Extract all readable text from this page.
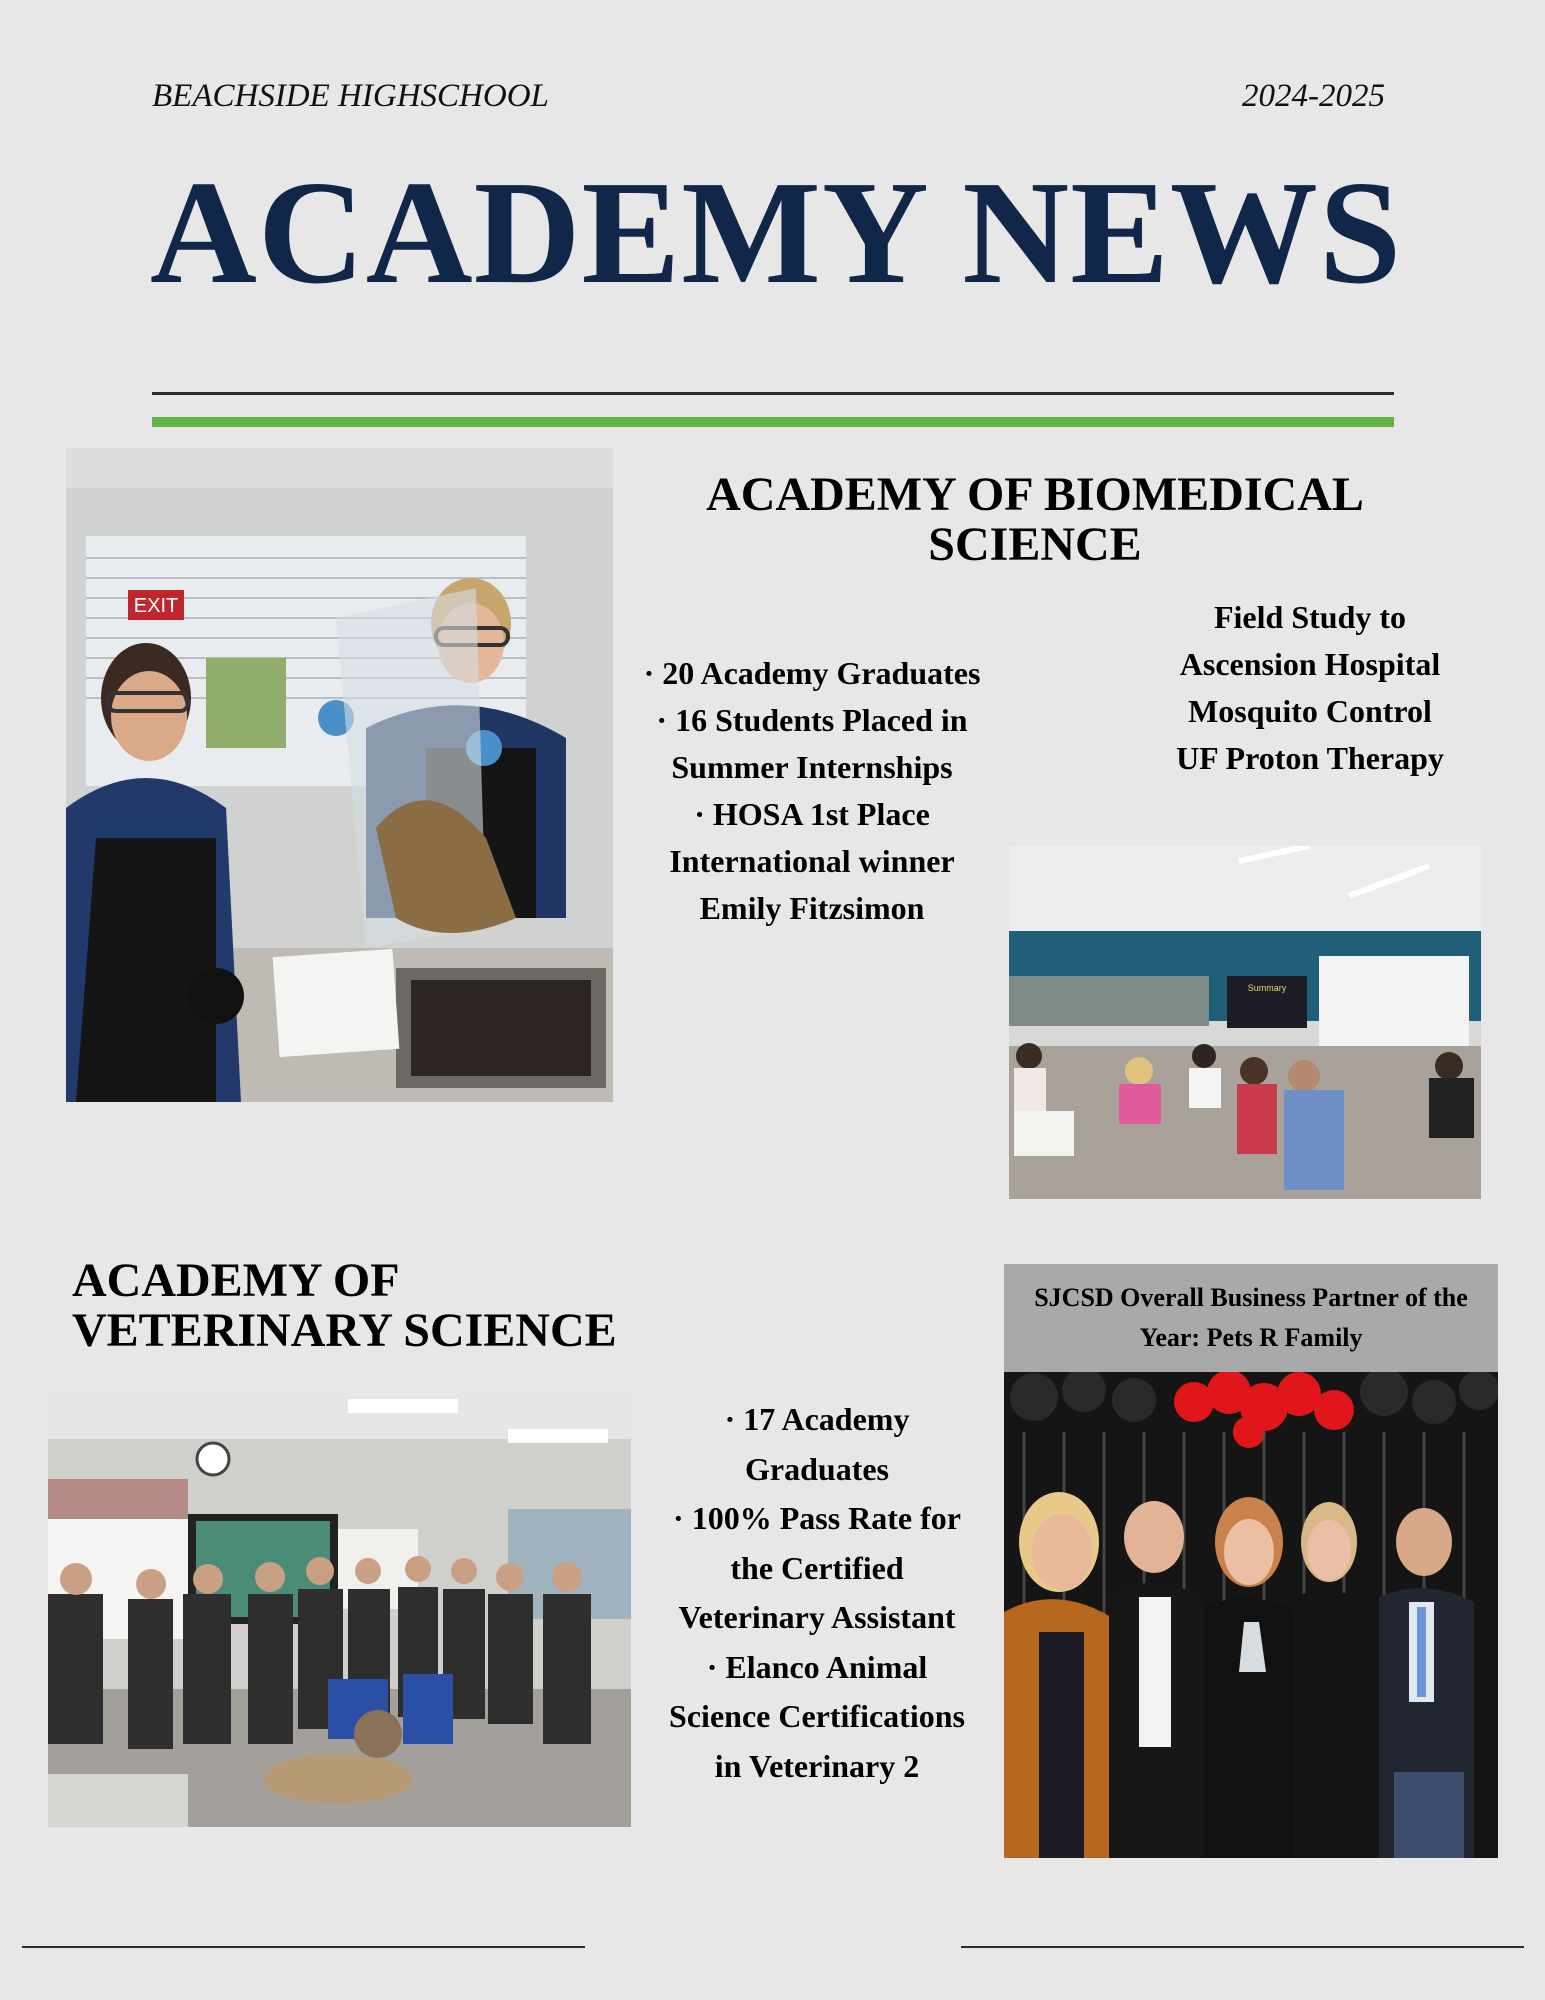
BEACHSIDE HIGHSCHOOL	2024-2025
ACADEMY NEWS
EXIT
ACADEMY OF BIOMEDICAL
SCIENCE
· 20 Academy Graduates
· 16 Students Placed in
Summer Internships
· HOSA 1st Place
International winner
Emily Fitzsimon
Field Study to
Ascension Hospital
Mosquito Control
UF Proton Therapy
Summary
ACADEMY OF
VETERINARY SCIENCE
· 17 Academy
Graduates
· 100% Pass Rate for
the Certified
Veterinary Assistant
· Elanco Animal
Science Certifications
in Veterinary 2
SJCSD Overall Business Partner of the
Year: Pets R Family
